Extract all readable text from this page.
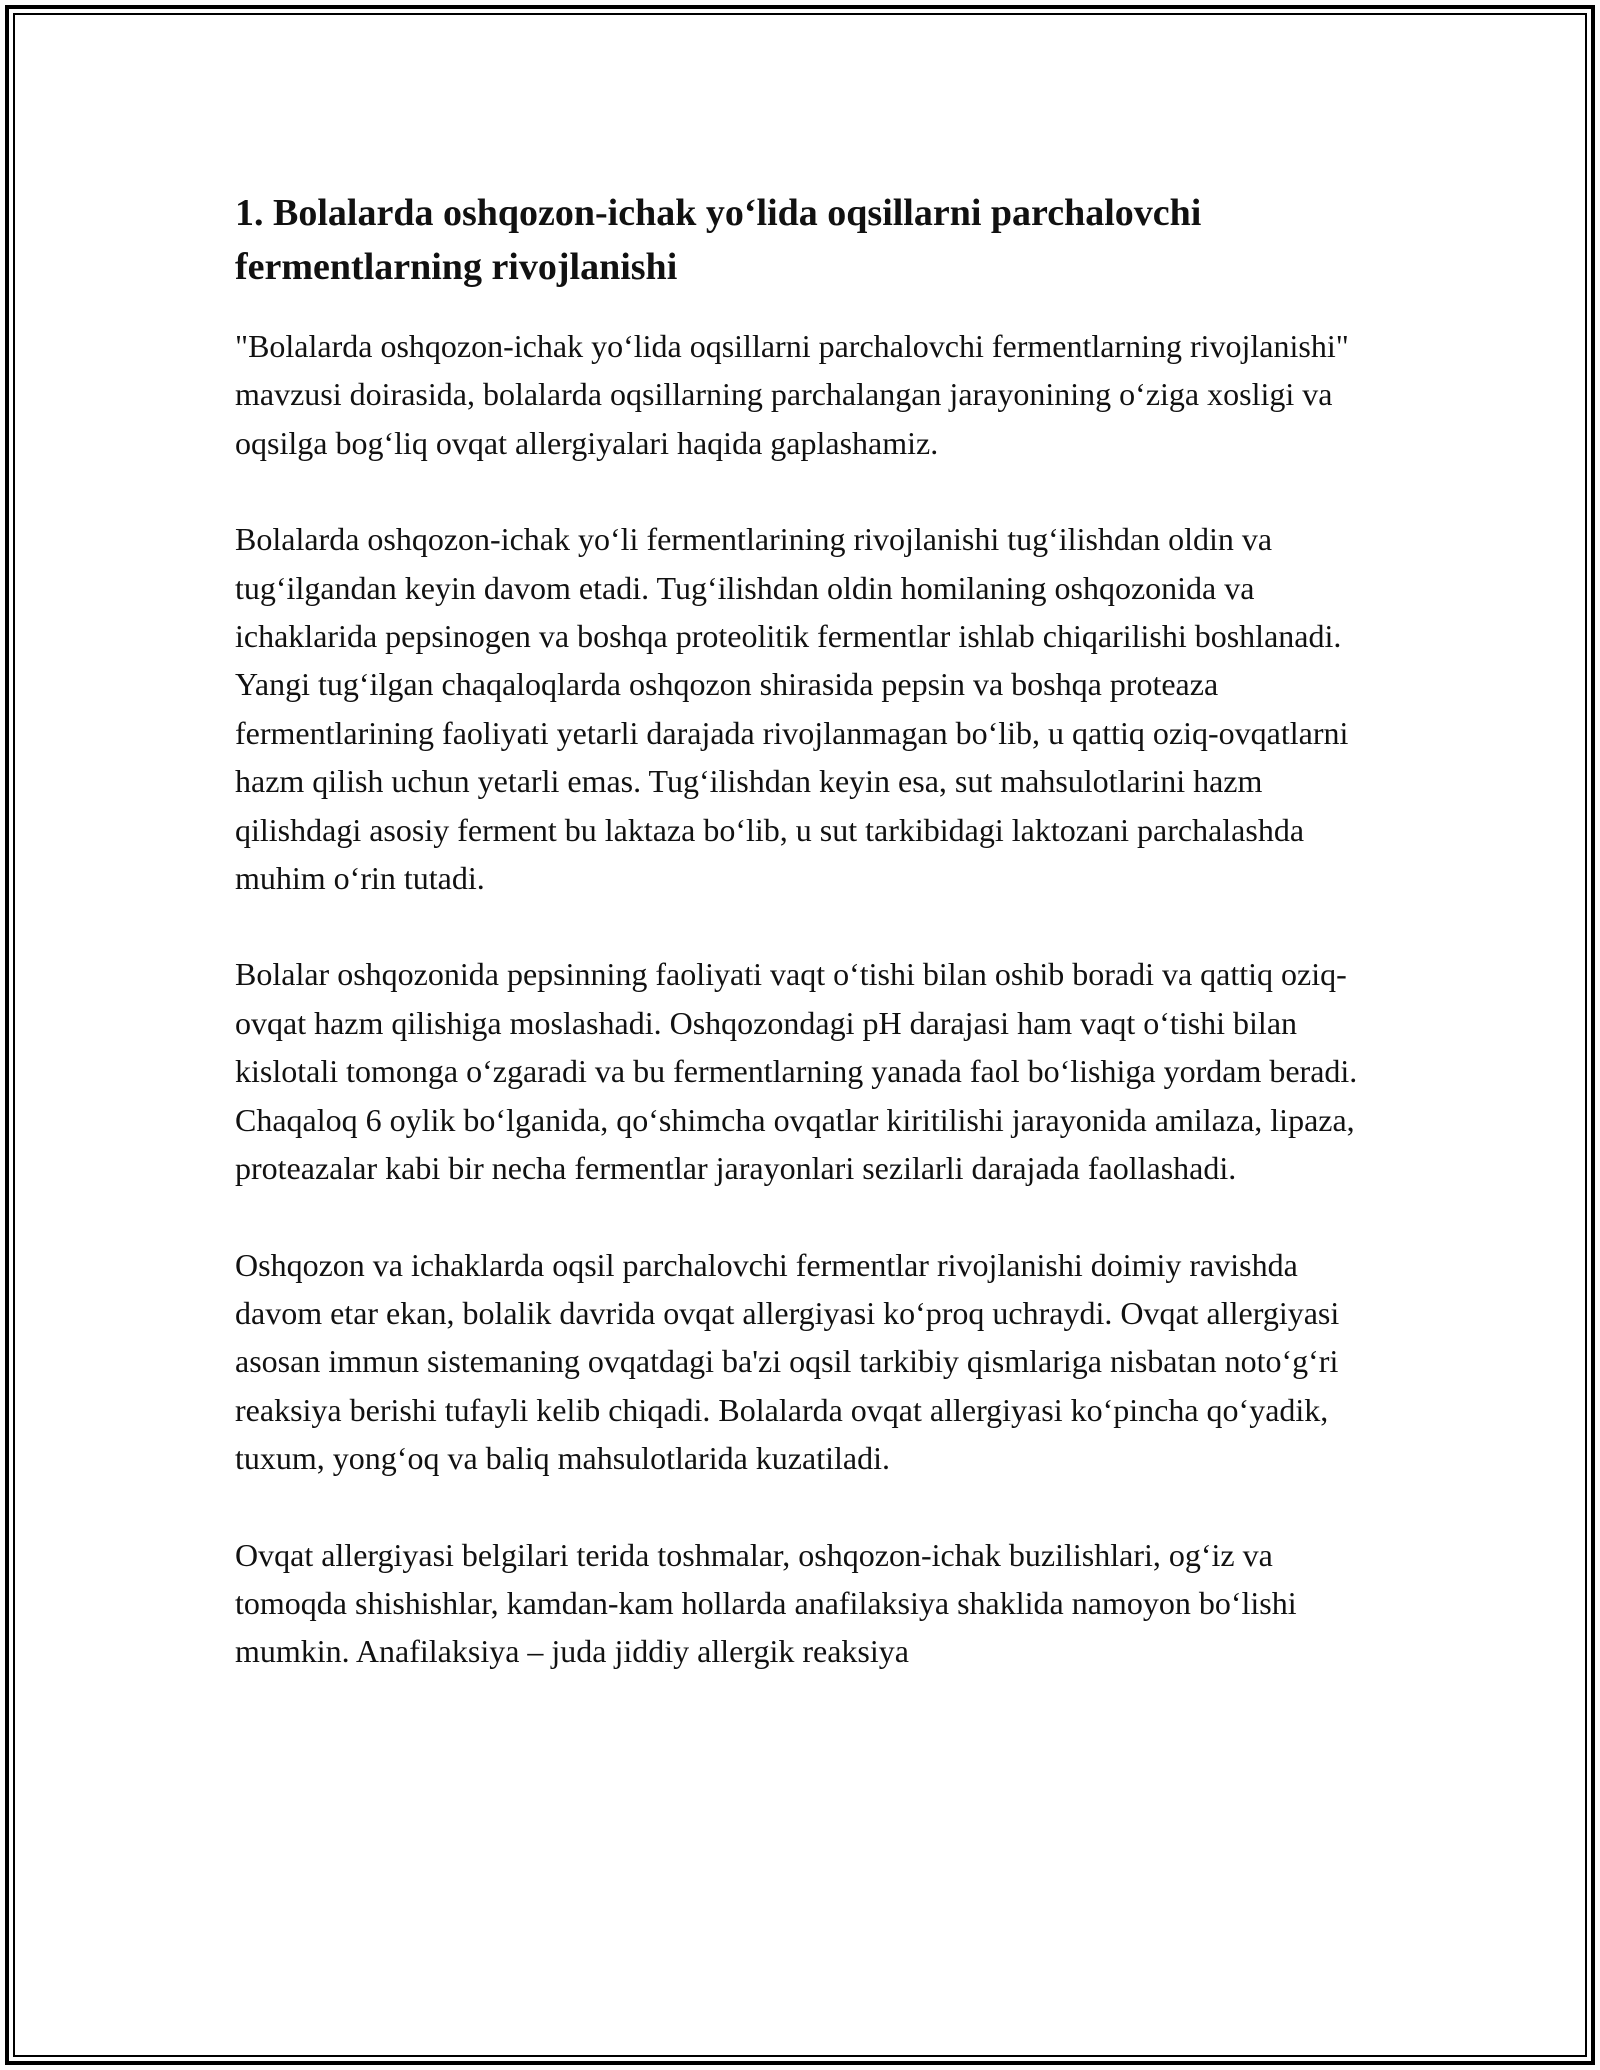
1. Bolalarda oshqozon-ichak yo‘lida oqsillarni parchalovchi fermentlarning rivojlanishi

"Bolalarda oshqozon-ichak yo‘lida oqsillarni parchalovchi fermentlarning rivojlanishi" mavzusi doirasida, bolalarda oqsillarning parchalangan jarayonining o‘ziga xosligi va oqsilga bog‘liq ovqat allergiyalari haqida gaplashamiz.

Bolalarda oshqozon-ichak yo‘li fermentlarining rivojlanishi tug‘ilishdan oldin va tug‘ilgandan keyin davom etadi. Tug‘ilishdan oldin homilaning oshqozonida va ichaklarida pepsinogen va boshqa proteolitik fermentlar ishlab chiqarilishi boshlanadi. Yangi tug‘ilgan chaqaloqlarda oshqozon shirasida pepsin va boshqa proteaza fermentlarining faoliyati yetarli darajada rivojlanmagan bo‘lib, u qattiq oziq-ovqatlarni hazm qilish uchun yetarli emas. Tug‘ilishdan keyin esa, sut mahsulotlarini hazm qilishdagi asosiy ferment bu laktaza bo‘lib, u sut tarkibidagi laktozani parchalashda muhim o‘rin tutadi.

Bolalar oshqozonida pepsinning faoliyati vaqt o‘tishi bilan oshib boradi va qattiq oziq-ovqat hazm qilishiga moslashadi. Oshqozondagi pH darajasi ham vaqt o‘tishi bilan kislotali tomonga o‘zgaradi va bu fermentlarning yanada faol bo‘lishiga yordam beradi. Chaqaloq 6 oylik bo‘lganida, qo‘shimcha ovqatlar kiritilishi jarayonida amilaza, lipaza, proteazalar kabi bir necha fermentlar jarayonlari sezilarli darajada faollashadi.

Oshqozon va ichaklarda oqsil parchalovchi fermentlar rivojlanishi doimiy ravishda davom etar ekan, bolalik davrida ovqat allergiyasi ko‘proq uchraydi. Ovqat allergiyasi asosan immun sistemaning ovqatdagi ba'zi oqsil tarkibiy qismlariga nisbatan noto‘g‘ri reaksiya berishi tufayli kelib chiqadi. Bolalarda ovqat allergiyasi ko‘pincha qo‘yadik, tuxum, yong‘oq va baliq mahsulotlarida kuzatiladi.

Ovqat allergiyasi belgilari terida toshmalar, oshqozon-ichak buzilishlari, og‘iz va tomoqda shishishlar, kamdan-kam hollarda anafilaksiya shaklida namoyon bo‘lishi mumkin. Anafilaksiya – juda jiddiy allergik reaksiya
